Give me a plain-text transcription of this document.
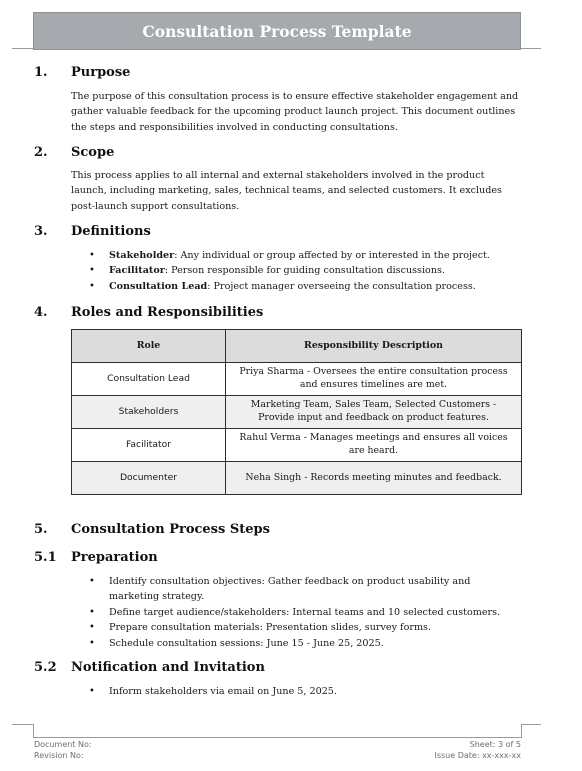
Consultation Process Template
1. Purpose
The purpose of this consultation process is to ensure effective stakeholder engagement and
gather valuable feedback for the upcoming product launch project. This document outlines
the steps and responsibilities involved in conducting consultations.
2. Scope
This process applies to all internal and external stakeholders involved in the product
launch, including marketing, sales, technical teams, and selected customers. It excludes
post-launch support consultations.
3. Definitions
• Stakeholder: Any individual or group affected by or interested in the project.
• Facilitator: Person responsible for guiding consultation discussions.
• Consultation Lead: Project manager overseeing the consultation process.
4. Roles and Responsibilities
Role	Responsibility Description
Consultation Lead	Priya Sharma - Oversees the entire consultation process and ensures timelines are met.
Stakeholders	Marketing Team, Sales Team, Selected Customers - Provide input and feedback on product features.
Facilitator	Rahul Verma - Manages meetings and ensures all voices are heard.
Documenter	Neha Singh - Records meeting minutes and feedback.
5. Consultation Process Steps
5.1 Preparation
• Identify consultation objectives: Gather feedback on product usability and marketing strategy.
• Define target audience/stakeholders: Internal teams and 10 selected customers.
• Prepare consultation materials: Presentation slides, survey forms.
• Schedule consultation sessions: June 15 - June 25, 2025.
5.2 Notification and Invitation
• Inform stakeholders via email on June 5, 2025.
Document No:
Revision No:
Sheet: 3 of 5
Issue Date: xx-xxx-xx
